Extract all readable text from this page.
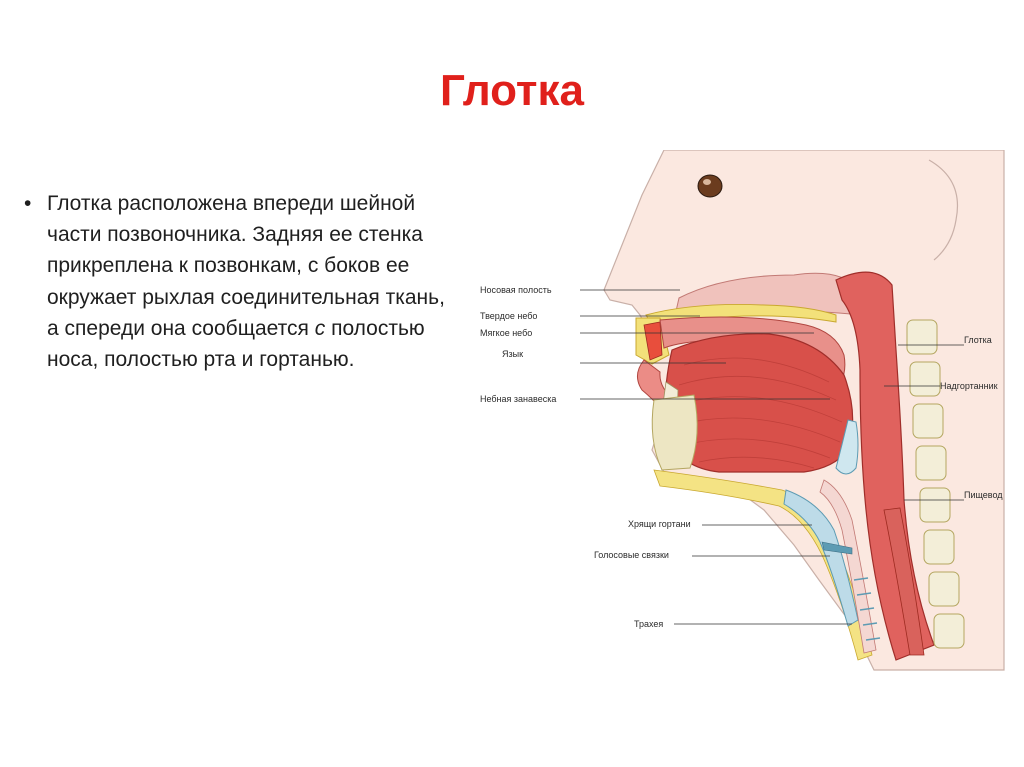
Глотка
• Глотка расположена впереди шейной части позвоночника. Задняя ее стенка прикреплена к позвонкам, с боков ее окружает рыхлая соединительная ткань, а спереди она сообщается с полостью носа, полостью рта и гортанью.
Носовая полость
Твердое небо
Мягкое небо
Язык
Небная занавеска
Хрящи гортани
Голосовые связки
Трахея
Глотка
Надгортанник
Пищевод
